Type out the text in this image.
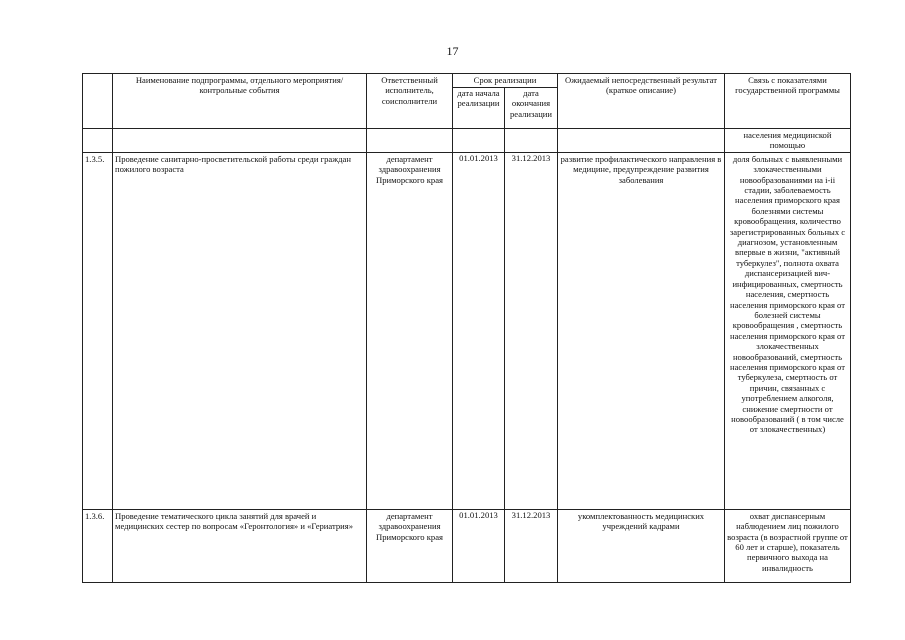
17
	Наименование подпрограммы, отдельного мероприятия/контрольные события	Ответственный исполнитель, соисполнители	Срок реализации		Ожидаемый непосредственный результат (краткое описание)	Связь с показателями государственной программы
			дата начала реализации	дата окончания реализации		
						населения медицинской помощью
1.3.5.	Проведение санитарно-просветительской работы среди граждан пожилого возраста	департамент здравоохранения Приморского края	01.01.2013	31.12.2013	развитие профилактического направления в медицине, предупреждение развития заболевания	доля больных с выявленными злокачественными новообразованиями на i-ii стадии, заболеваемость населения приморского края болезнями системы кровообращения, количество зарегистрированных больных с диагнозом, установленным впервые в жизни, "активный туберкулез", полнота охвата диспансеризацией вич-инфицированных, смертность населения, смертность населения приморского края от болезней системы кровообращения , смертность населения приморского края от злокачественных новообразований, смертность населения приморского края от туберкулеза, смертность от причин, связанных с употреблением алкоголя, снижение смертности от новообразований ( в том числе от злокачественных)
1.3.6.	Проведение тематического цикла занятий для врачей и медицинских сестер по вопросам «Геронтология» и «Гериатрия»	департамент здравоохранения Приморского края	01.01.2013	31.12.2013	укомплектованность медицинских учреждений кадрами	охват диспансерным наблюдением лиц пожилого возраста (в возрастной группе от 60 лет и старше), показатель первичного выхода на инвалидность
